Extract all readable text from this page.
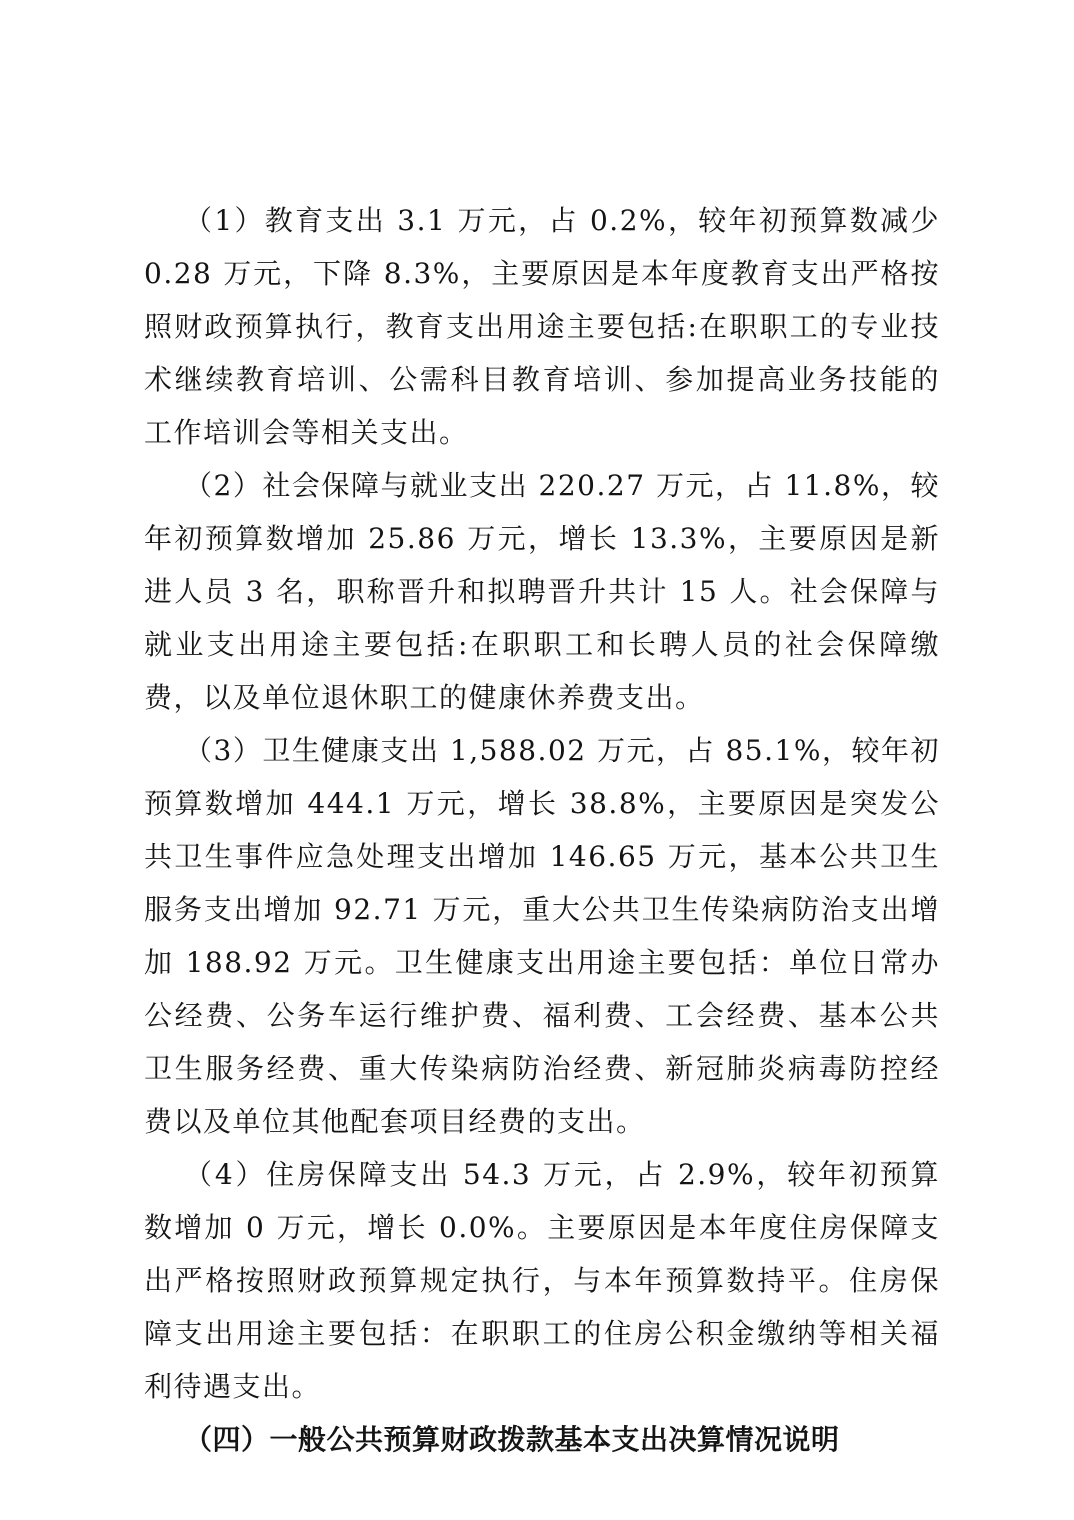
（1）教育支出 3.1 万元，占 0.2%，较年初预算数减少 0.28 万元，下降 8.3%，主要原因是本年度教育支出严格按照财政预算执行，教育支出用途主要包括:在职职工的专业技术继续教育培训、公需科目教育培训、参加提高业务技能的工作培训会等相关支出。

（2）社会保障与就业支出 220.27 万元，占 11.8%，较年初预算数增加 25.86 万元，增长 13.3%，主要原因是新进人员 3 名，职称晋升和拟聘晋升共计 15 人。社会保障与就业支出用途主要包括:在职职工和长聘人员的社会保障缴费，以及单位退休职工的健康休养费支出。

（3）卫生健康支出 1,588.02 万元，占 85.1%，较年初预算数增加 444.1 万元，增长 38.8%，主要原因是突发公共卫生事件应急处理支出增加 146.65 万元，基本公共卫生服务支出增加 92.71 万元，重大公共卫生传染病防治支出增加 188.92 万元。卫生健康支出用途主要包括：单位日常办公经费、公务车运行维护费、福利费、工会经费、基本公共卫生服务经费、重大传染病防治经费、新冠肺炎病毒防控经费以及单位其他配套项目经费的支出。

（4）住房保障支出 54.3 万元，占 2.9%，较年初预算数增加 0 万元，增长 0.0%。主要原因是本年度住房保障支出严格按照财政预算规定执行，与本年预算数持平。住房保障支出用途主要包括：在职职工的住房公积金缴纳等相关福利待遇支出。

（四）一般公共预算财政拨款基本支出决算情况说明
